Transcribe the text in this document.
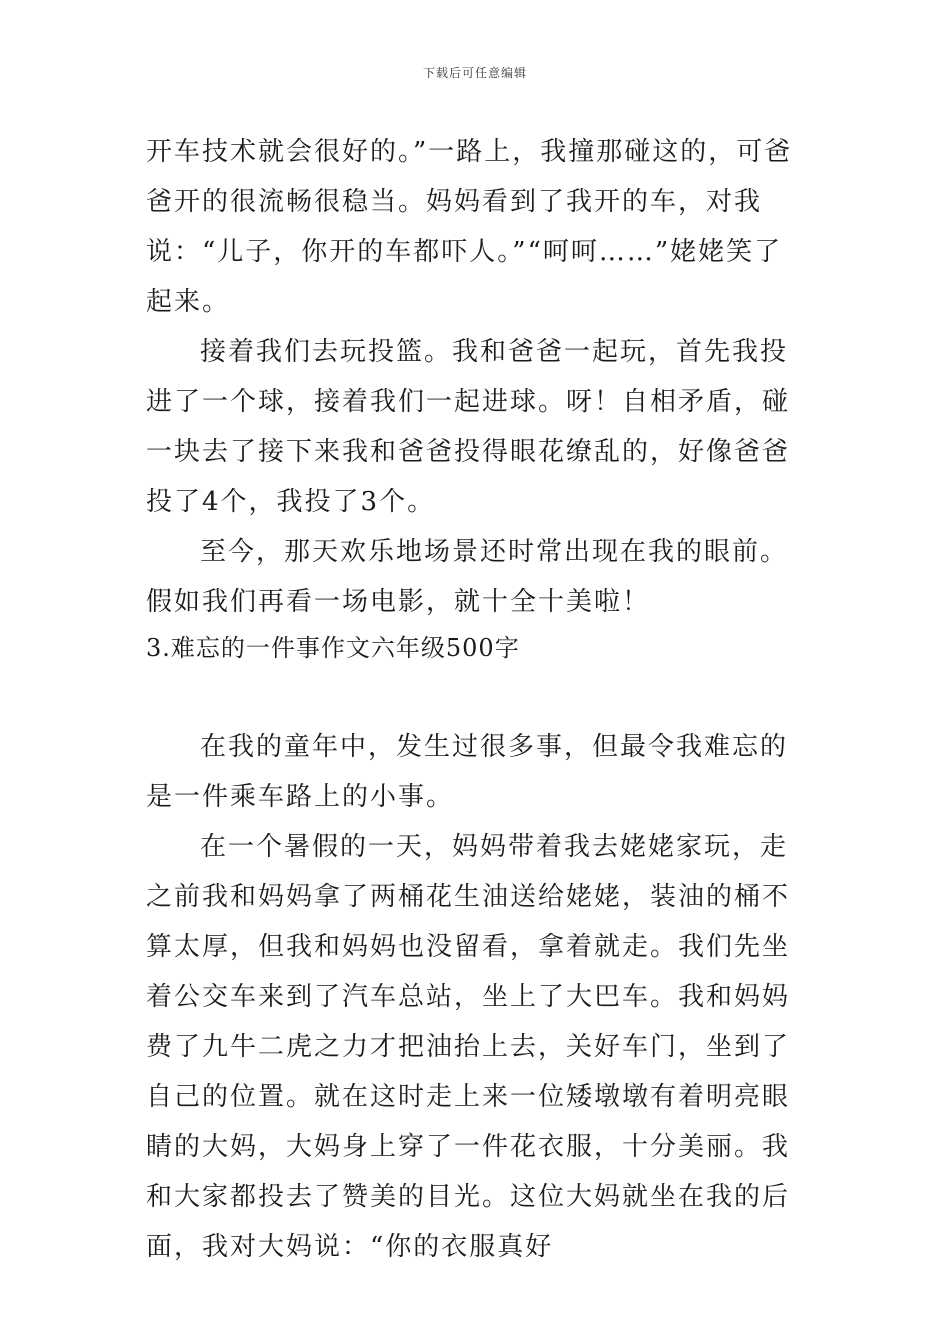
下载后可任意编辑

开车技术就会很好的。”一路上，我撞那碰这的，可爸爸开的很流畅很稳当。妈妈看到了我开的车，对我说：“儿子，你开的车都吓人。”“呵呵……”姥姥笑了起来。

接着我们去玩投篮。我和爸爸一起玩，首先我投进了一个球，接着我们一起进球。呀！自相矛盾，碰一块去了接下来我和爸爸投得眼花缭乱的，好像爸爸投了4个，我投了3个。

至今，那天欢乐地场景还时常出现在我的眼前。假如我们再看一场电影，就十全十美啦！

3.难忘的一件事作文六年级500字

在我的童年中，发生过很多事，但最令我难忘的是一件乘车路上的小事。

在一个暑假的一天，妈妈带着我去姥姥家玩，走之前我和妈妈拿了两桶花生油送给姥姥，装油的桶不算太厚，但我和妈妈也没留看，拿着就走。我们先坐着公交车来到了汽车总站，坐上了大巴车。我和妈妈费了九牛二虎之力才把油抬上去，关好车门，坐到了自己的位置。就在这时走上来一位矮墩墩有着明亮眼睛的大妈，大妈身上穿了一件花衣服，十分美丽。我和大家都投去了赞美的目光。这位大妈就坐在我的后面，我对大妈说：“你的衣服真好
